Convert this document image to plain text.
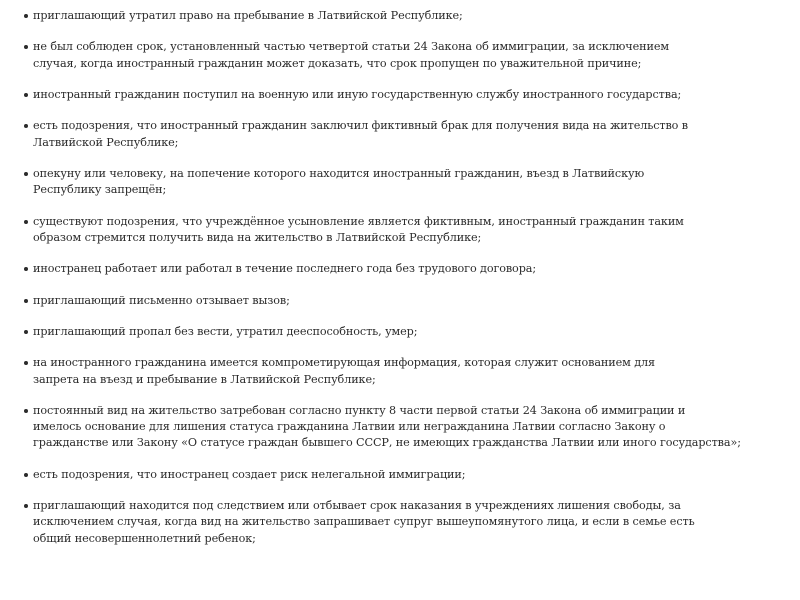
приглашающий утратил право на пребывание в Латвийской Республике;
не был соблюден срок, установленный частью четвертой статьи 24 Закона об иммиграции, за исключением
случая, когда иностранный гражданин может доказать, что срок пропущен по уважительной причине;
иностранный гражданин поступил на военную или иную государственную службу иностранного государства;
есть подозрения, что иностранный гражданин заключил фиктивный брак для получения вида на жительство в
Латвийской Республике;
опекуну или человеку, на попечение которого находится иностранный гражданин, въезд в Латвийскую
Республику запрещён;
существуют подозрения, что учреждённое усыновление является фиктивным, иностранный гражданин таким
образом стремится получить вида на жительство в Латвийской Республике;
иностранец работает или работал в течение последнего года без трудового договора;
приглашающий письменно отзывает вызов;
приглашающий пропал без вести, утратил дееспособность, умер;
на иностранного гражданина имеется компрометирующая информация, которая служит основанием для
запрета на въезд и пребывание в Латвийской Республике;
постоянный вид на жительство затребован согласно пункту 8 части первой статьи 24 Закона об иммиграции и
имелось основание для лишения статуса гражданина Латвии или негражданина Латвии согласно Закону о
гражданстве или Закону «О статусе граждан бывшего СССР, не имеющих гражданства Латвии или иного государства»;
есть подозрения, что иностранец создает риск нелегальной иммиграции;
приглашающий находится под следствием или отбывает срок наказания в учреждениях лишения свободы, за
исключением случая, когда вид на жительство запрашивает супруг вышеупомянутого лица, и если в семье есть
общий несовершеннолетний ребенок;
